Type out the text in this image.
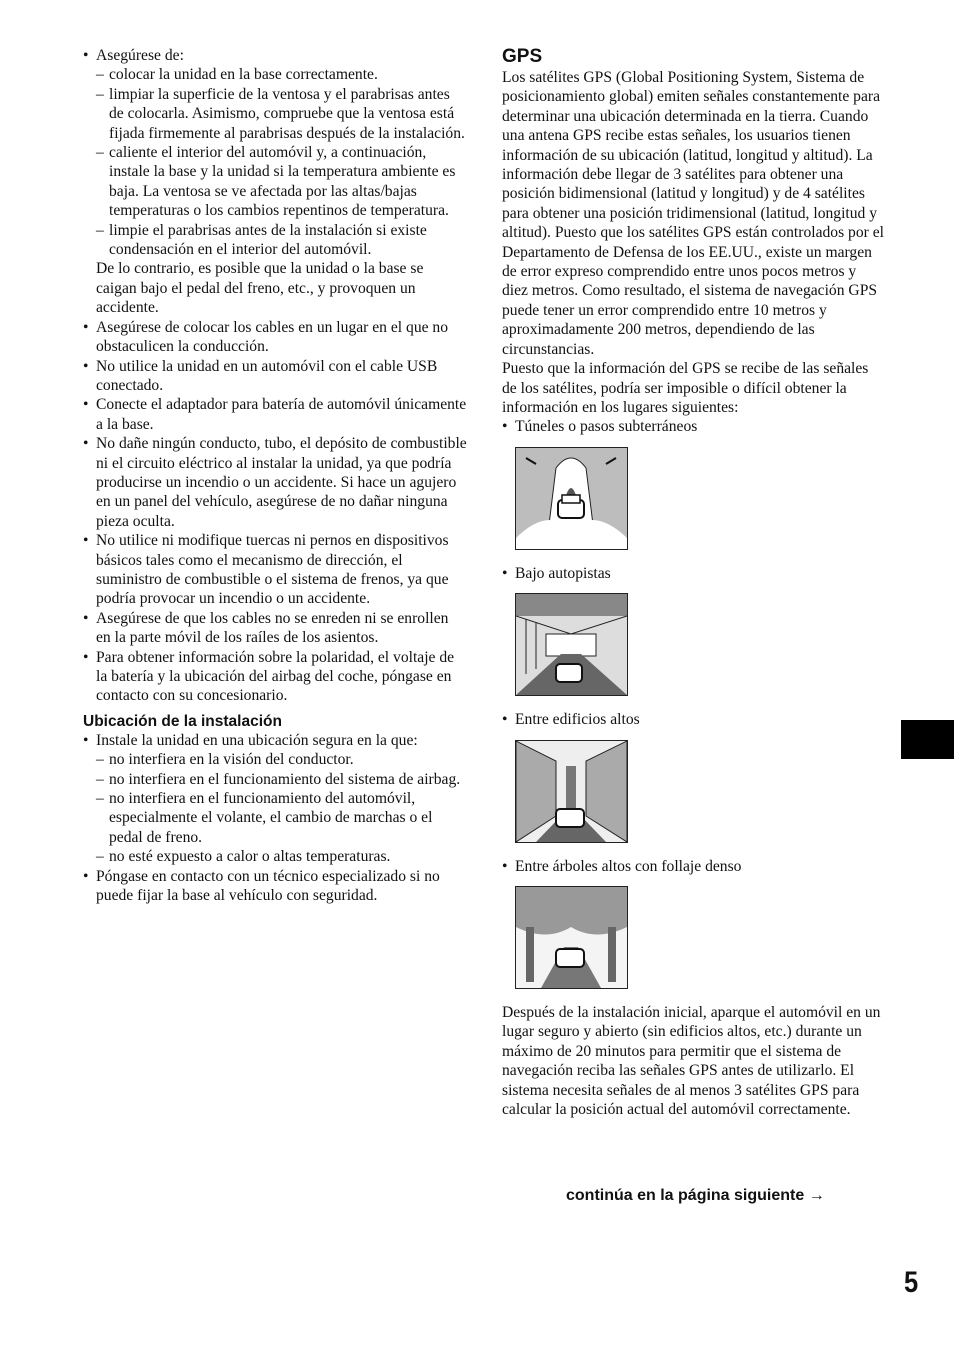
• Asegúrese de:
– colocar la unidad en la base correctamente.
– limpiar la superficie de la ventosa y el parabrisas antes de colocarla. Asimismo, compruebe que la ventosa está fijada firmemente al parabrisas después de la instalación.
– caliente el interior del automóvil y, a continuación, instale la base y la unidad si la temperatura ambiente es baja. La ventosa se ve afectada por las altas/bajas temperaturas o los cambios repentinos de temperatura.
– limpie el parabrisas antes de la instalación si existe condensación en el interior del automóvil.
De lo contrario, es posible que la unidad o la base se caigan bajo el pedal del freno, etc., y provoquen un accidente.
• Asegúrese de colocar los cables en un lugar en el que no obstaculicen la conducción.
• No utilice la unidad en un automóvil con el cable USB conectado.
• Conecte el adaptador para batería de automóvil únicamente a la base.
• No dañe ningún conducto, tubo, el depósito de combustible ni el circuito eléctrico al instalar la unidad, ya que podría producirse un incendio o un accidente. Si hace un agujero en un panel del vehículo, asegúrese de no dañar ninguna pieza oculta.
• No utilice ni modifique tuercas ni pernos en dispositivos básicos tales como el mecanismo de dirección, el suministro de combustible o el sistema de frenos, ya que podría provocar un incendio o un accidente.
• Asegúrese de que los cables no se enreden ni se enrollen en la parte móvil de los raíles de los asientos.
• Para obtener información sobre la polaridad, el voltaje de la batería y la ubicación del airbag del coche, póngase en contacto con su concesionario.
Ubicación de la instalación
• Instale la unidad en una ubicación segura en la que:
– no interfiera en la visión del conductor.
– no interfiera en el funcionamiento del sistema de airbag.
– no interfiera en el funcionamiento del automóvil, especialmente el volante, el cambio de marchas o el pedal de freno.
– no esté expuesto a calor o altas temperaturas.
• Póngase en contacto con un técnico especializado si no puede fijar la base al vehículo con seguridad.
GPS
Los satélites GPS (Global Positioning System, Sistema de posicionamiento global) emiten señales constantemente para determinar una ubicación determinada en la tierra. Cuando una antena GPS recibe estas señales, los usuarios tienen información de su ubicación (latitud, longitud y altitud). La información debe llegar de 3 satélites para obtener una posición bidimensional (latitud y longitud) y de 4 satélites para obtener una posición tridimensional (latitud, longitud y altitud). Puesto que los satélites GPS están controlados por el Departamento de Defensa de los EE.UU., existe un margen de error expreso comprendido entre unos pocos metros y diez metros. Como resultado, el sistema de navegación GPS puede tener un error comprendido entre 10 metros y aproximadamente 200 metros, dependiendo de las circunstancias.
Puesto que la información del GPS se recibe de las señales de los satélites, podría ser imposible o difícil obtener la información en los lugares siguientes:
• Túneles o pasos subterráneos
• Bajo autopistas
• Entre edificios altos
• Entre árboles altos con follaje denso
Después de la instalación inicial, aparque el automóvil en un lugar seguro y abierto (sin edificios altos, etc.) durante un máximo de 20 minutos para permitir que el sistema de navegación reciba las señales GPS antes de utilizarlo. El sistema necesita señales de al menos 3 satélites GPS para calcular la posición actual del automóvil correctamente.
continúa en la página siguiente →
5
